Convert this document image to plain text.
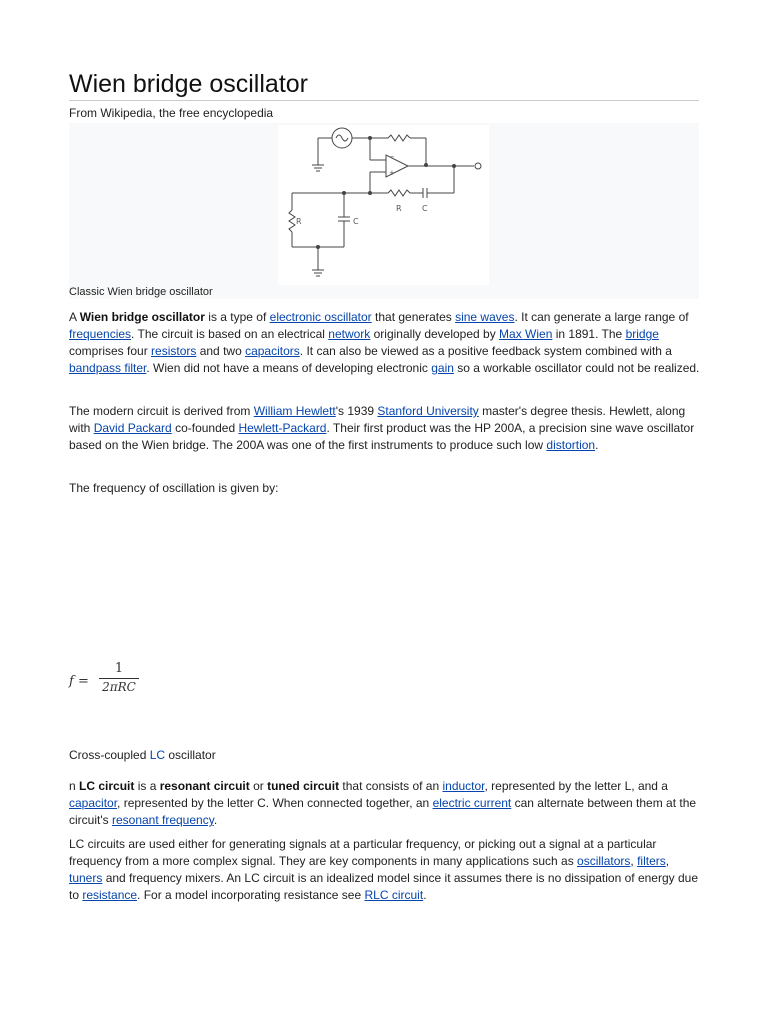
Wien bridge oscillator
From Wikipedia, the free encyclopedia
−
+
R	C
R	C
Classic Wien bridge oscillator

A Wien bridge oscillator is a type of electronic oscillator that generates sine waves. It can generate a large range of frequencies. The circuit is based on an electrical network originally developed by Max Wien in 1891. The bridge comprises four resistors and two capacitors. It can also be viewed as a positive feedback system combined with a bandpass filter. Wien did not have a means of developing electronic gain so a workable oscillator could not be realized.

The modern circuit is derived from William Hewlett's 1939 Stanford University master's degree thesis. Hewlett, along with David Packard co-founded Hewlett-Packard. Their first product was the HP 200A, a precision sine wave oscillator based on the Wien bridge. The 200A was one of the first instruments to produce such low distortion.

The frequency of oscillation is given by:

f =
1
2πRC
Cross-coupled LC oscillator

n LC circuit is a resonant circuit or tuned circuit that consists of an inductor, represented by the letter L, and a capacitor, represented by the letter C. When connected together, an electric current can alternate between them at the circuit's resonant frequency.

LC circuits are used either for generating signals at a particular frequency, or picking out a signal at a particular frequency from a more complex signal. They are key components in many applications such as oscillators, filters, tuners and frequency mixers. An LC circuit is an idealized model since it assumes there is no dissipation of energy due to resistance. For a model incorporating resistance see RLC circuit.
